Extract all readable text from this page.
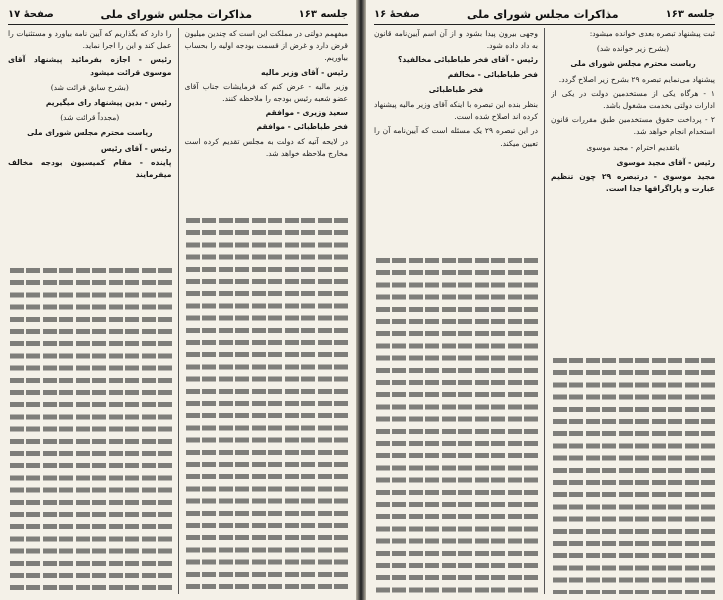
جلسه ۱۶۳
مذاکرات مجلس شورای ملی
صفحهٔ ۱۷

میفهمم دولتی در مملکت این است که چندین میلیون قرض دارد و غرض از قسمت بودجه اولیه را بحساب بیاوریم.

رئیس - آقای وزیر مالیه

وزیر مالیه - عرض کنم که فرمایشات جناب آقای عضو شعبه رئیس بودجه را ملاحظه کنند.

سعید وزیری - موافقم

فخر طباطبائی - موافقم

در لایحه آتیه که دولت به مجلس تقدیم کرده است مخارج ملاحظه خواهد شد.

را دارد که بگذاریم که آیین نامه بیاورد و مستثنیات را عمل کند و این را اجرا نماید.

رئیس - اجازه بفرمائید پیشنهاد آقای موسوی قرائت میشود

(بشرح سابق قرائت شد)

رئیس - بدین پیشنهاد رای میگیریم

(مجدداً قرائت شد)

ریاست محترم مجلس شورای ملی

رئیس - آقای رئیس

پاینده - مقام کمیسیون بودجه مخالف میفرمایند

جلسه ۱۶۳
مذاکرات مجلس شورای ملی
صفحهٔ ۱۶

ثبت پیشنهاد تبصره بعدی خوانده میشود:

(بشرح زیر خوانده شد)

ریاست محترم مجلس شورای ملی

پیشنهاد می‌نمایم تبصره ۲۹ بشرح زیر اصلاح گردد.

۱ - هرگاه یکی از مستخدمین دولت در یکی از ادارات دولتی بخدمت مشغول باشد.

۲ - پرداخت حقوق مستخدمین طبق مقررات قانون استخدام انجام خواهد شد.

باتقدیم احترام - مجید موسوی

رئیس - آقای مجید موسوی

مجید موسوی - درتبصره ۲۹ چون تنظیم عبارت و پاراگرافها جدا است.

وجهی بیرون پیدا بشود و از آن اسم آیین‌نامه قانون به داد داده شود.

رئیس - آقای فخر طباطبائی مخالفید؟

فخر طباطبائی - مخالفم

فخر طباطبائی

بنظر بنده این تبصره با اینکه آقای وزیر مالیه پیشنهاد کرده اند اصلاح شده است.

در این تبصره ۲۹ یک مسئله است که آیین‌نامه آن را تعیین میکند.
